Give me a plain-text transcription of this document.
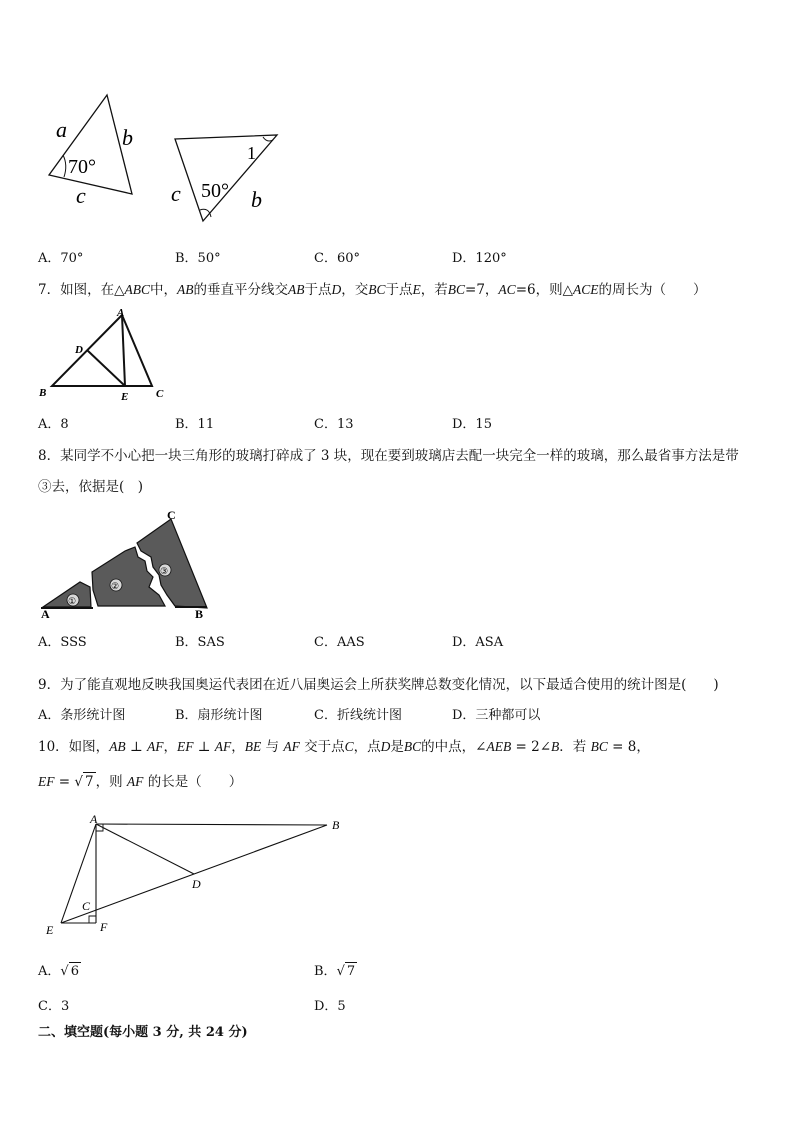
a	b
c
70°
c	b
1
50°
A．70°	B．50°	C．60°	D．120°
7．如图，在△ABC中，AB的垂直平分线交AB于点D，交BC于点E，若BC=7，AC=6，则△ACE的周长为（　　）
A
D
B	E	C
A．8	B．11	C．13	D．15
8．某同学不小心把一块三角形的玻璃打碎成了 3 块，现在要到玻璃店去配一块完全一样的玻璃，那么最省事方法是带
③去，依据是(　)
①
②
③
A	B
C
A．SSS	B．SAS	C．AAS	D．ASA
9．为了能直观地反映我国奥运代表团在近八届奥运会上所获奖牌总数变化情况，以下最适合使用的统计图是(　　)
A．条形统计图	B．扇形统计图	C．折线统计图	D．三种都可以
10．如图，AB ⊥ AF，EF ⊥ AF，BE 与 AF 交于点C，点D是BC的中点，∠AEB = 2∠B．若 BC = 8，
EF = √ 7 ，则 AF 的长是（　　）
A	B
D
C
E	F
A．√ 6	B．√ 7
C．3	D．5
二、填空题(每小题 3 分, 共 24 分)
